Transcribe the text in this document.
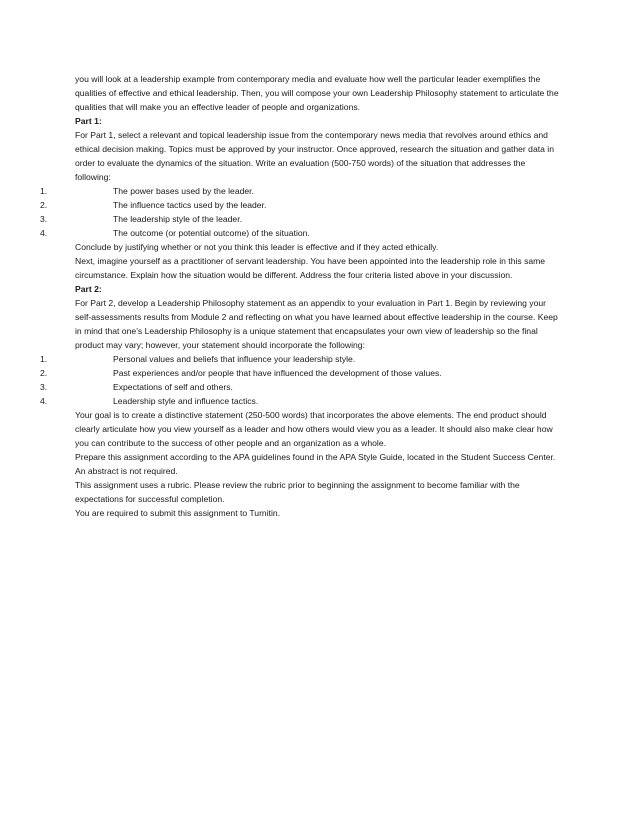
you will look at a leadership example from contemporary media and evaluate how well the particular leader exemplifies the qualities of effective and ethical leadership. Then, you will compose your own Leadership Philosophy statement to articulate the qualities that will make you an effective leader of people and organizations.

Part 1:

For Part 1, select a relevant and topical leadership issue from the contemporary news media that revolves around ethics and ethical decision making. Topics must be approved by your instructor. Once approved, research the situation and gather data in order to evaluate the dynamics of the situation. Write an evaluation (500-750 words) of the situation that addresses the following:

1.	The power bases used by the leader.
2.	The influence tactics used by the leader.
3.	The leadership style of the leader.
4.	The outcome (or potential outcome) of the situation.

Conclude by justifying whether or not you think this leader is effective and if they acted ethically.

Next, imagine yourself as a practitioner of servant leadership. You have been appointed into the leadership role in this same circumstance. Explain how the situation would be different. Address the four criteria listed above in your discussion.

Part 2:

For Part 2, develop a Leadership Philosophy statement as an appendix to your evaluation in Part 1. Begin by reviewing your self-assessments results from Module 2 and reflecting on what you have learned about effective leadership in the course. Keep in mind that one’s Leadership Philosophy is a unique statement that encapsulates your own view of leadership so the final product may vary; however, your statement should incorporate the following:

1.	Personal values and beliefs that influence your leadership style.
2.	Past experiences and/or people that have influenced the development of those values.
3.	Expectations of self and others.
4.	Leadership style and influence tactics.

Your goal is to create a distinctive statement (250-500 words) that incorporates the above elements. The end product should clearly articulate how you view yourself as a leader and how others would view you as a leader. It should also make clear how you can contribute to the success of other people and an organization as a whole.

Prepare this assignment according to the APA guidelines found in the APA Style Guide, located in the Student Success Center. An abstract is not required.

This assignment uses a rubric. Please review the rubric prior to beginning the assignment to become familiar with the expectations for successful completion.

You are required to submit this assignment to Turnitin.
